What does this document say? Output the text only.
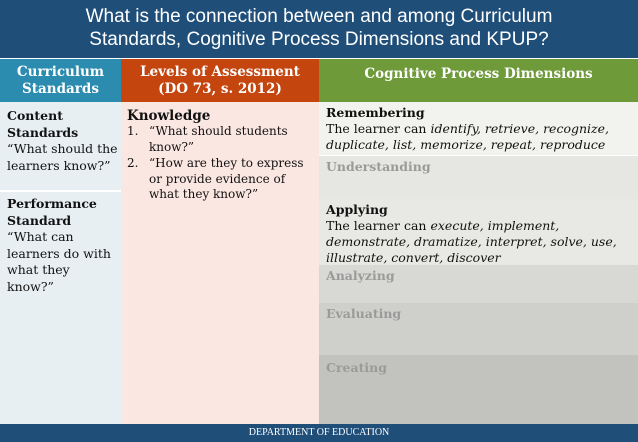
What is the connection between and among Curriculum
Standards, Cognitive Process Dimensions and KPUP?
Curriculum
Standards
Levels of Assessment
(DO 73, s. 2012)
Cognitive Process Dimensions
Content
Standards
“What should the learners know?”
Performance
Standard
“What can learners do with what they know?”
Knowledge
1. “What should students know?”
2. “How are they to express or provide evidence of what they know?”
Remembering
The learner can identify, retrieve, recognize, duplicate, list, memorize, repeat, reproduce
Understanding
Applying
The learner can execute, implement, demonstrate, dramatize, interpret, solve, use, illustrate, convert, discover
Analyzing
Evaluating
Creating
DEPARTMENT OF EDUCATION
